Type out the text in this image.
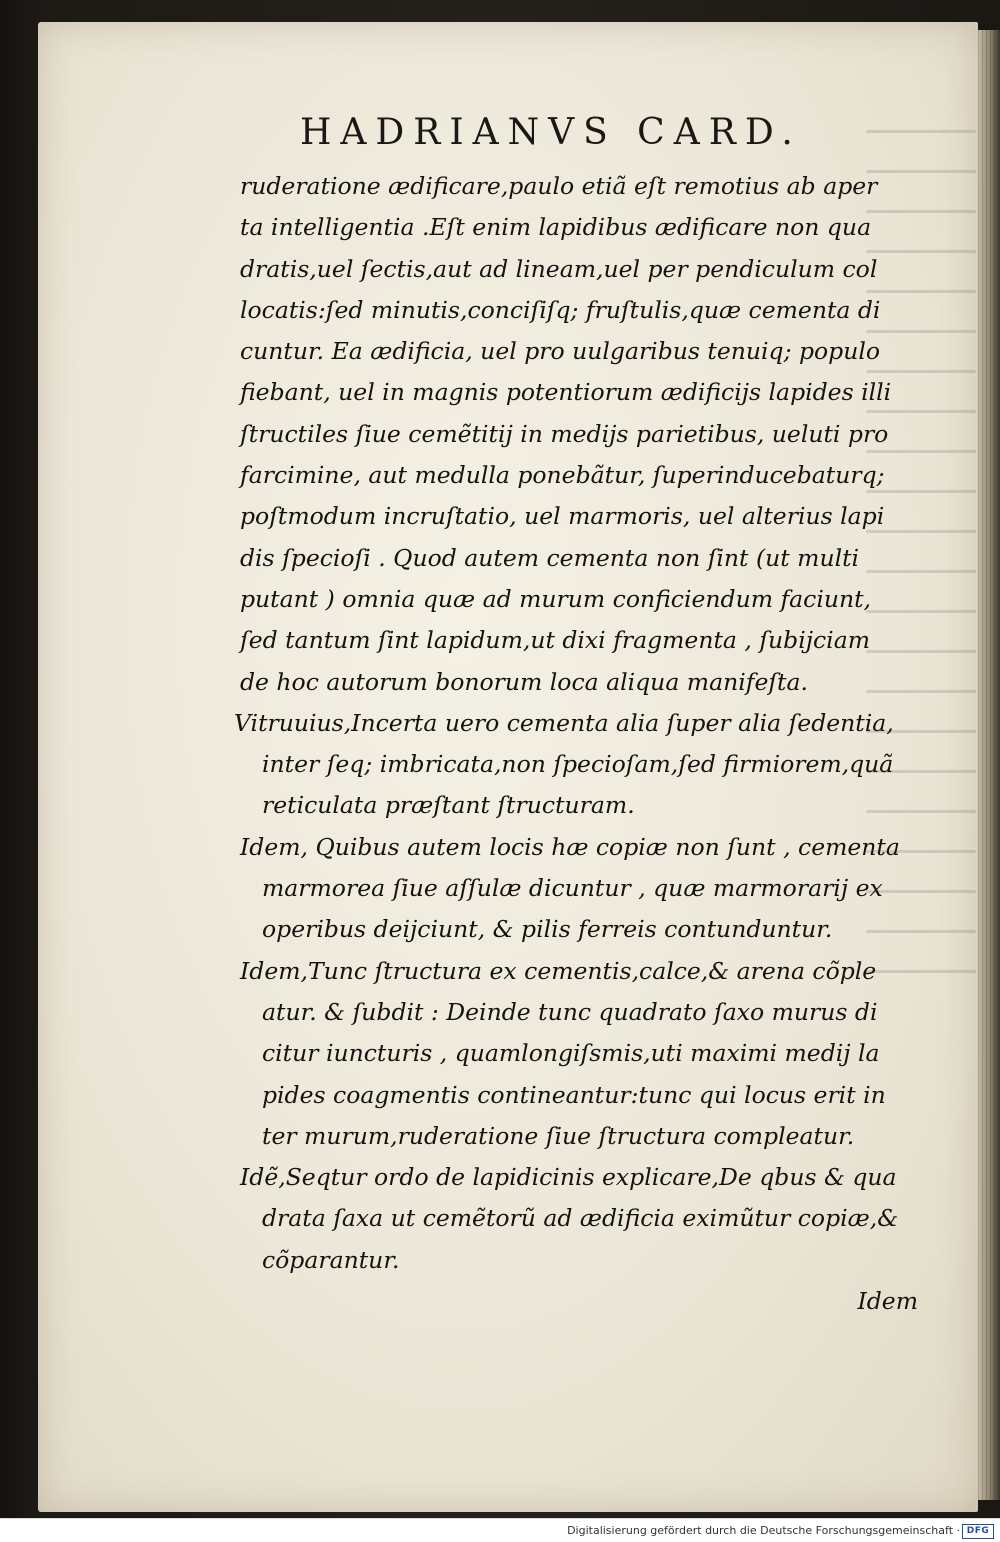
HADRIANVS CARD.
ruderatione ædificare,paulo etiã eſt remotius ab aper
ta intelligentia .Eſt enim lapidibus ædificare non qua
dratis,uel ſectis,aut ad lineam,uel per pendiculum col
locatis:ſed minutis,conciſiſq; fruſtulis,quæ cementa di
cuntur. Ea ædificia, uel pro uulgaribus tenuiq; populo
fiebant, uel in magnis potentiorum ædificijs lapides illi
ſtructiles ſiue cemẽtitij in medijs parietibus, ueluti pro
farcimine, aut medulla ponebãtur, ſuperinducebaturq;
poſtmodum incruſtatio, uel marmoris, uel alterius lapi
dis ſpecioſi . Quod autem cementa non ſint (ut multi
putant ) omnia quæ ad murum conficiendum faciunt,
ſed tantum ſint lapidum,ut dixi fragmenta , ſubijciam
de hoc autorum bonorum loca aliqua manifeſta.
Vitruuius,Incerta uero cementa alia ſuper alia ſedentia,
inter ſeq; imbricata,non ſpecioſam,ſed firmiorem,quã
reticulata præſtant ſtructuram.
Idem, Quibus autem locis hæ copiæ non ſunt , cementa
marmorea ſiue aſſulæ dicuntur , quæ marmorarij ex
operibus deijciunt, & pilis ferreis contunduntur.
Idem,Tunc ſtructura ex cementis,calce,& arena cõple
atur. & ſubdit : Deinde tunc quadrato ſaxo murus di
citur iuncturis , quamlongiſsmis,uti maximi medij la
pides coagmentis contineantur:tunc qui locus erit in
ter murum,ruderatione ſiue ſtructura compleatur.
Idẽ,Seqtur ordo de lapidicinis explicare,De qbus & qua
drata ſaxa ut cemẽtorũ ad ædificia eximũtur copiæ,&
cõparantur.
Idem
Digitalisierung gefördert durch die Deutsche Forschungsgemeinschaft · DFG
